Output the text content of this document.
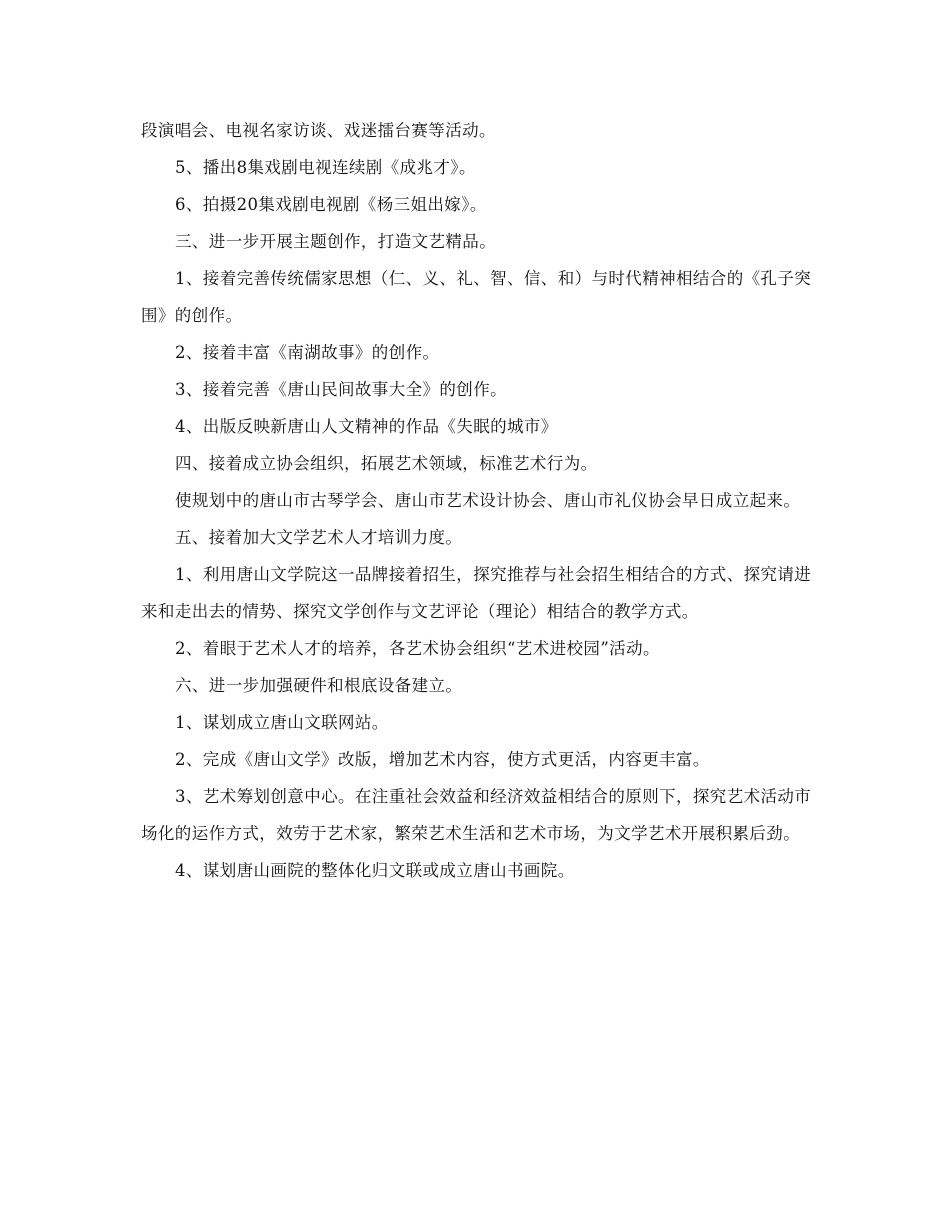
段演唱会、电视名家访谈、戏迷擂台赛等活动。

5、播出8集戏剧电视连续剧《成兆才》。

6、拍摄20集戏剧电视剧《杨三姐出嫁》。

三、进一步开展主题创作，打造文艺精品。

1、接着完善传统儒家思想（仁、义、礼、智、信、和）与时代精神相结合的《孔子突围》的创作。

2、接着丰富《南湖故事》的创作。

3、接着完善《唐山民间故事大全》的创作。

4、出版反映新唐山人文精神的作品《失眠的城市》

四、接着成立协会组织，拓展艺术领域，标准艺术行为。

使规划中的唐山市古琴学会、唐山市艺术设计协会、唐山市礼仪协会早日成立起来。

五、接着加大文学艺术人才培训力度。

1、利用唐山文学院这一品牌接着招生，探究推荐与社会招生相结合的方式、探究请进来和走出去的情势、探究文学创作与文艺评论（理论）相结合的教学方式。

2、着眼于艺术人才的培养，各艺术协会组织“艺术进校园”活动。

六、进一步加强硬件和根底设备建立。

1、谋划成立唐山文联网站。

2、完成《唐山文学》改版，增加艺术内容，使方式更活，内容更丰富。

3、艺术筹划创意中心。在注重社会效益和经济效益相结合的原则下，探究艺术活动市场化的运作方式，效劳于艺术家，繁荣艺术生活和艺术市场，为文学艺术开展积累后劲。

4、谋划唐山画院的整体化归文联或成立唐山书画院。
